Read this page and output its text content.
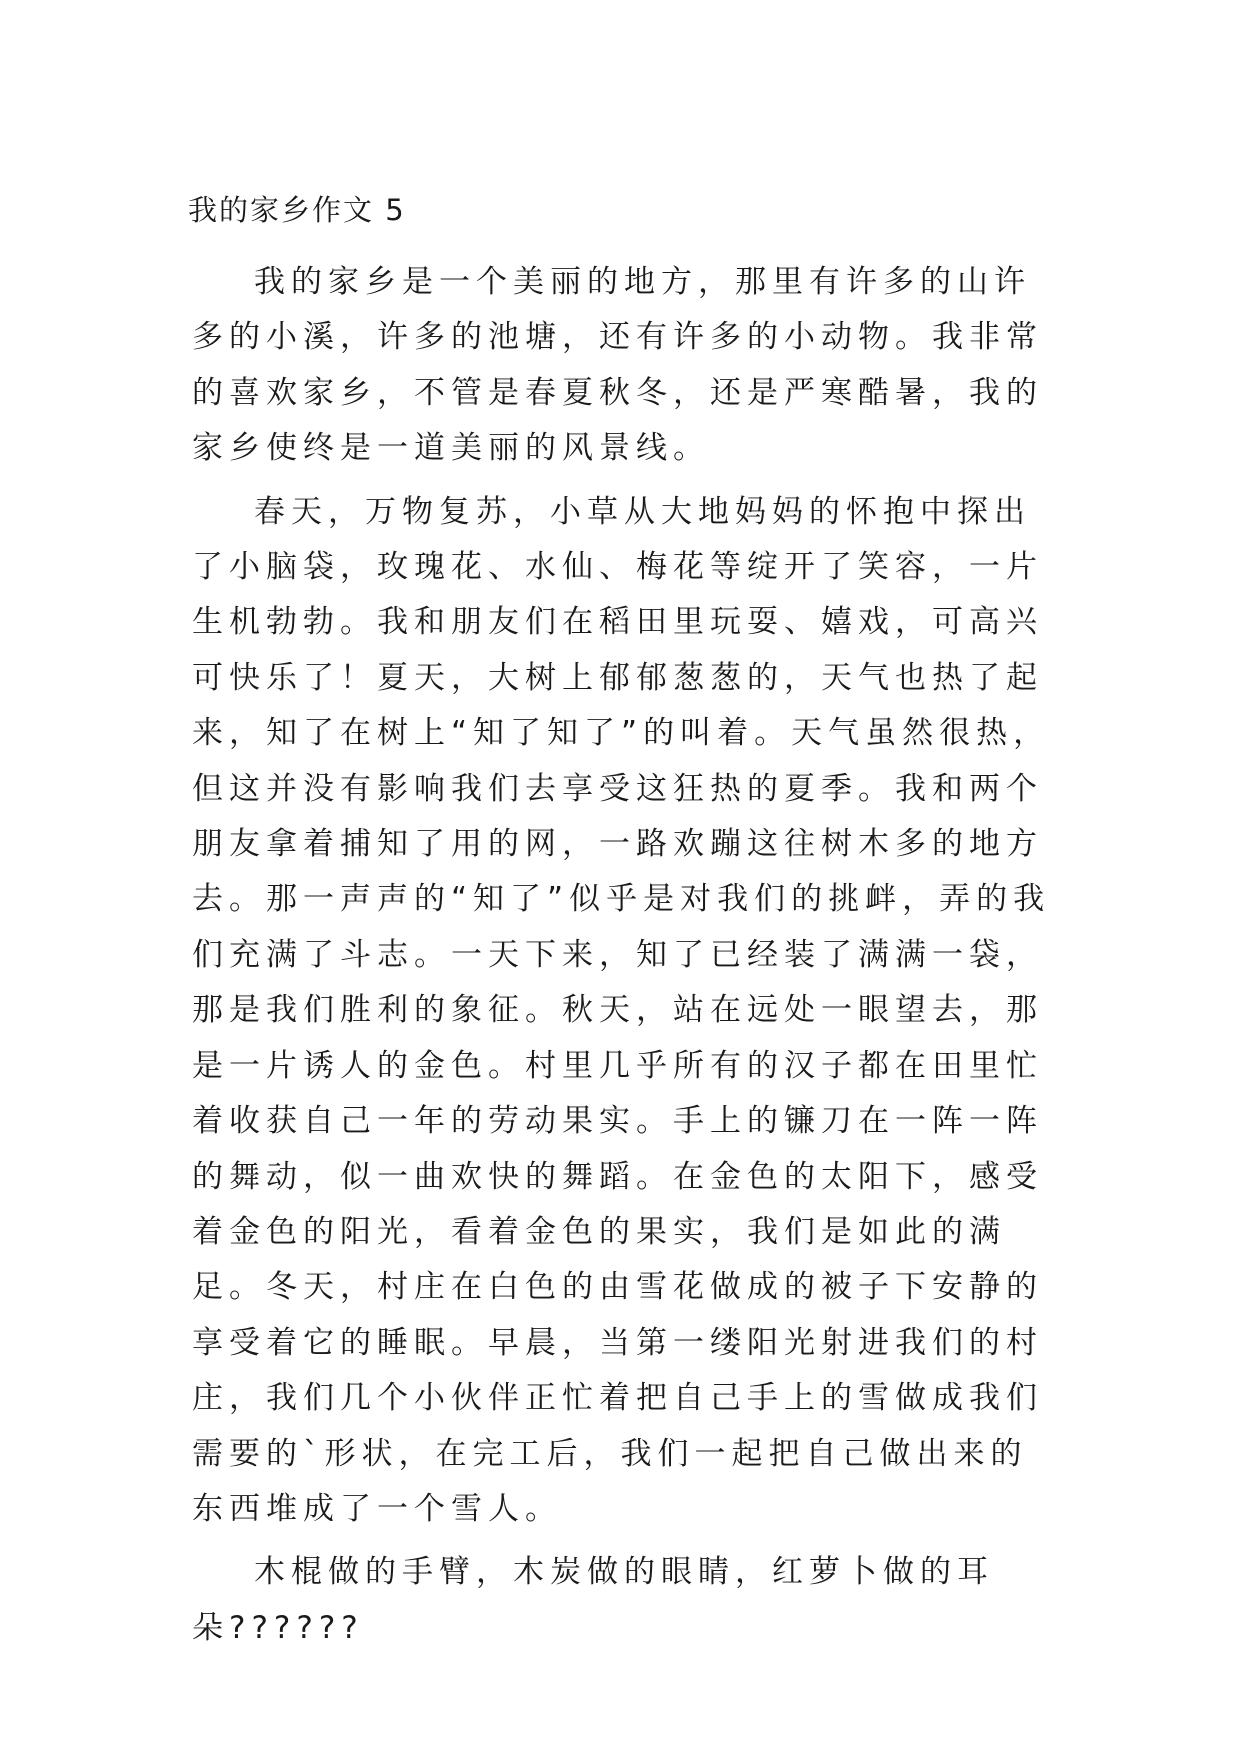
我的家乡作文 5

我的家乡是一个美丽的地方，那里有许多的山许多的小溪，许多的池塘，还有许多的小动物。我非常的喜欢家乡，不管是春夏秋冬，还是严寒酷暑，我的家乡使终是一道美丽的风景线。

春天，万物复苏，小草从大地妈妈的怀抱中探出了小脑袋，玫瑰花、水仙、梅花等绽开了笑容，一片生机勃勃。我和朋友们在稻田里玩耍、嬉戏，可高兴可快乐了！夏天，大树上郁郁葱葱的，天气也热了起来，知了在树上“知了知了”的叫着。天气虽然很热，但这并没有影响我们去享受这狂热的夏季。我和两个朋友拿着捕知了用的网，一路欢蹦这往树木多的地方去。那一声声的“知了”似乎是对我们的挑衅，弄的我们充满了斗志。一天下来，知了已经装了满满一袋，那是我们胜利的象征。秋天，站在远处一眼望去，那是一片诱人的金色。村里几乎所有的汉子都在田里忙着收获自己一年的劳动果实。手上的镰刀在一阵一阵的舞动，似一曲欢快的舞蹈。在金色的太阳下，感受着金色的阳光，看着金色的果实，我们是如此的满足。冬天，村庄在白色的由雪花做成的被子下安静的享受着它的睡眠。早晨，当第一缕阳光射进我们的村庄，我们几个小伙伴正忙着把自己手上的雪做成我们需要的`形状，在完工后，我们一起把自己做出来的东西堆成了一个雪人。

木棍做的手臂，木炭做的眼睛，红萝卜做的耳朵??????
